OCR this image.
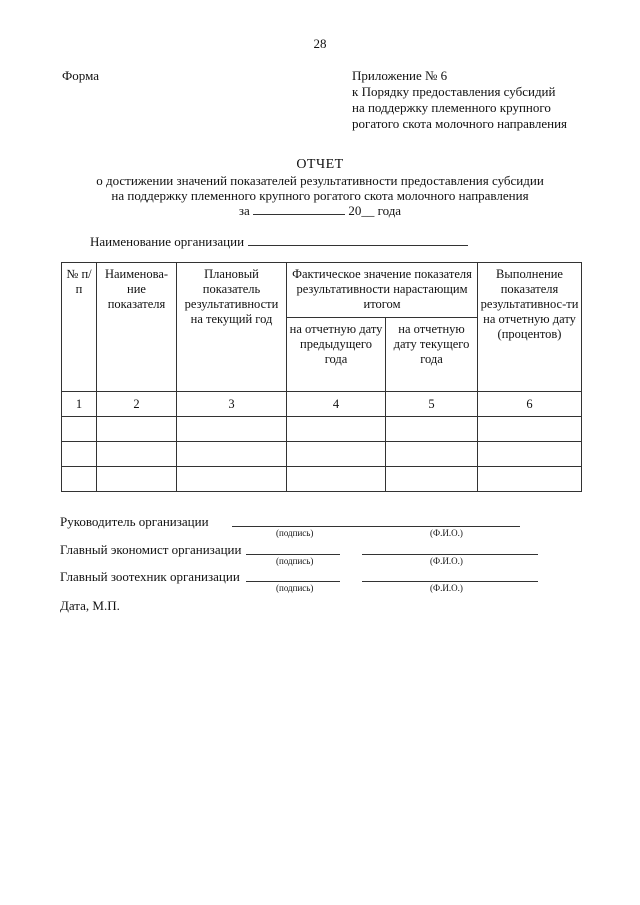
28
Форма	Приложение № 6
к Порядку предоставления субсидий
на поддержку племенного крупного
рогатого скота молочного направления
ОТЧЕТ
о достижении значений показателей результативности предоставления субсидии
на поддержку племенного крупного рогатого скота молочного направления
за	20__ года
Наименование организации
№ п/п	Наименова-ние показателя	Плановый показатель результативности на текущий год	Фактическое значение показателя результативности нарастающим итогом		Выполнение показателя результативнос-ти на отчетную дату (процентов)
			на отчетную дату предыдущего года	на отчетную дату текущего года	
1	2	3	4	5	6

Руководитель организации
(подпись)	(Ф.И.О.)
Главный экономист организации
(подпись)	(Ф.И.О.)
Главный зоотехник организации
(подпись)	(Ф.И.О.)
Дата, М.П.
